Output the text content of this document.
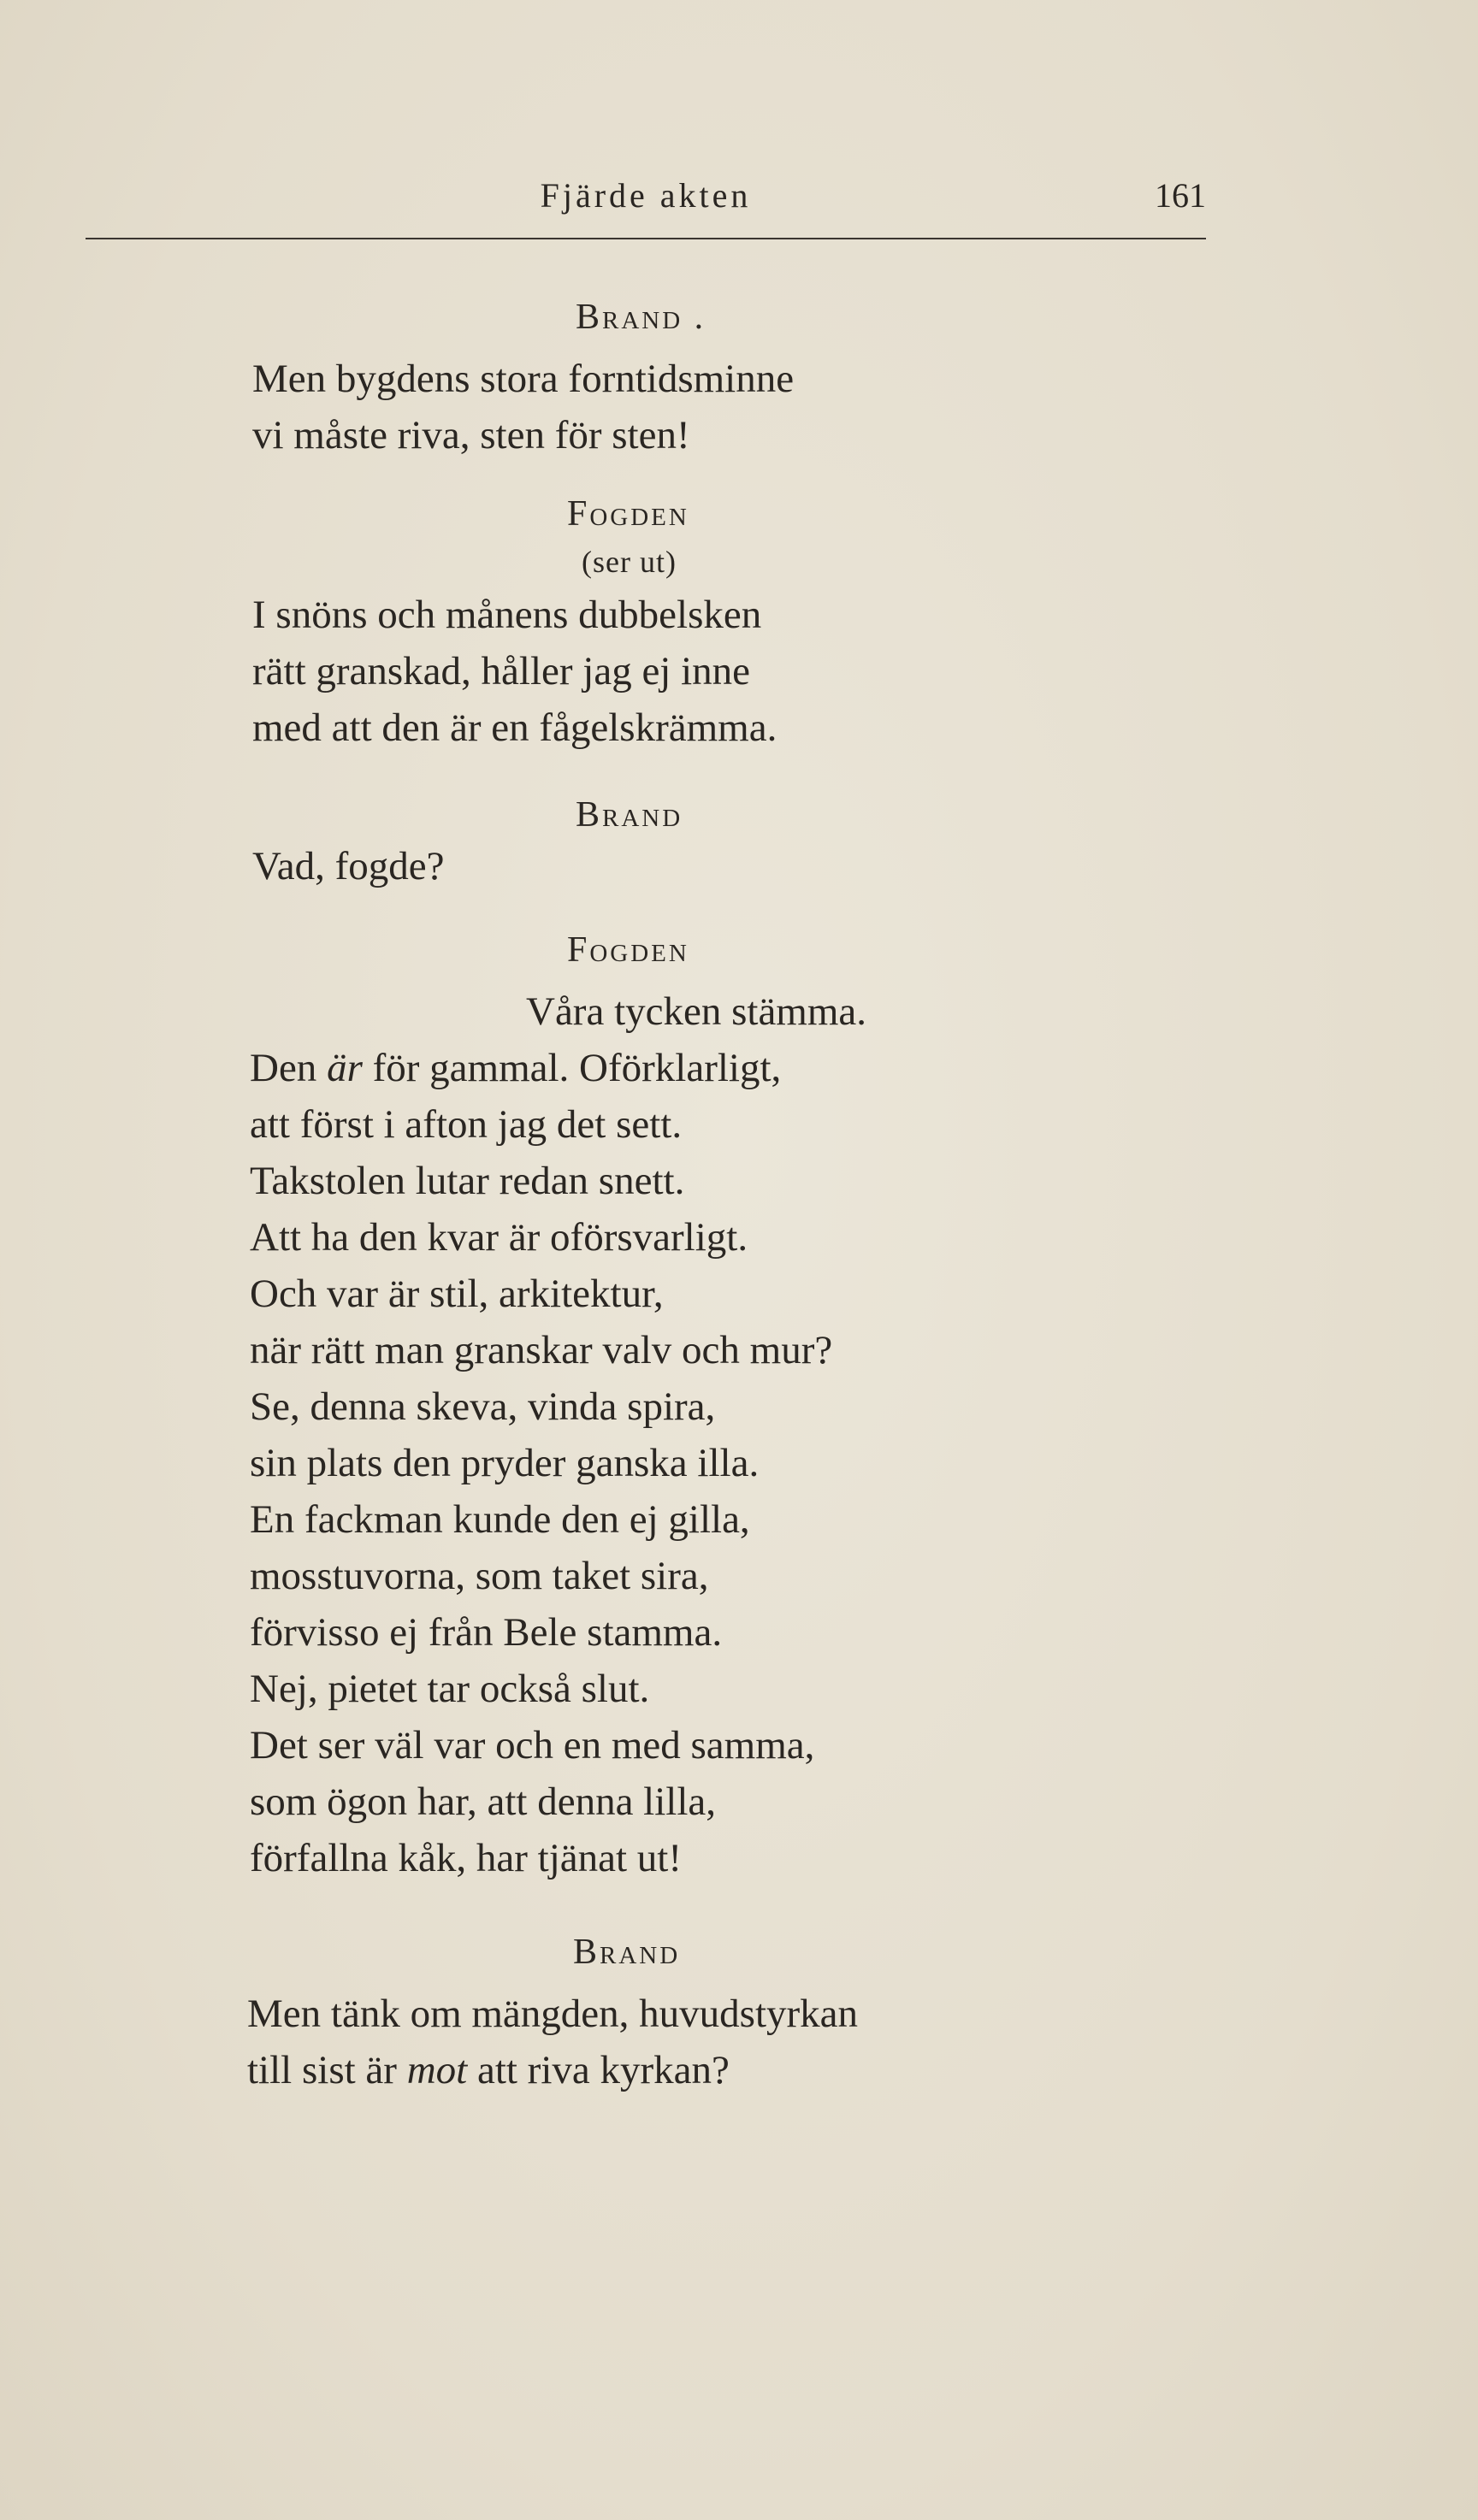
Fjärde akten	161
Brand .
Men bygdens stora forntidsminne
vi måste riva, sten för sten!
Fogden
(ser ut)
I snöns och månens dubbelsken
rätt granskad, håller jag ej inne
med att den är en fågelskrämma.
Brand
Vad, fogde?
Fogden
Våra tycken stämma.
Den är för gammal. Oförklarligt,
att först i afton jag det sett.
Takstolen lutar redan snett.
Att ha den kvar är oförsvarligt.
Och var är stil, arkitektur,
när rätt man granskar valv och mur?
Se, denna skeva, vinda spira,
sin plats den pryder ganska illa.
En fackman kunde den ej gilla,
mosstuvorna, som taket sira,
förvisso ej från Bele stamma.
Nej, pietet tar också slut.
Det ser väl var och en med samma,
som ögon har, att denna lilla,
förfallna kåk, har tjänat ut!
Brand
Men tänk om mängden, huvudstyrkan
till sist är mot att riva kyrkan?
